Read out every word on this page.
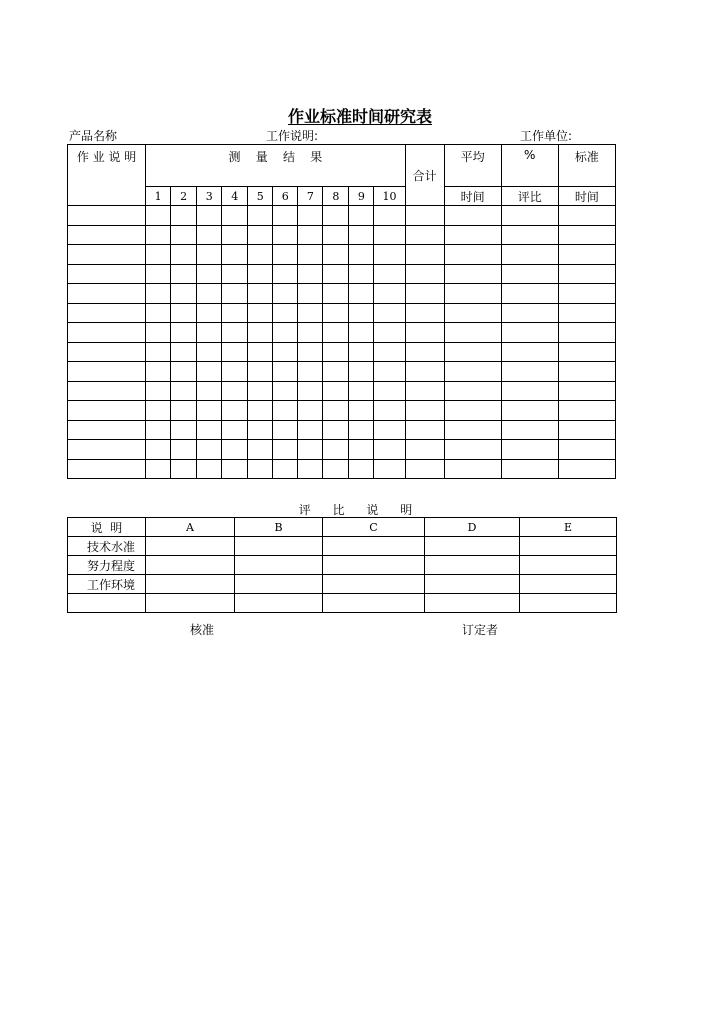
作业标准时间研究表
产品名称	工作说明:	工作单位:
作 业 说 明	测    量    结    果										合计	平均	%	标准
	1	2	3	4	5	6	7	8	9	10		时间	评比	时间

评 比 说 明
说  明	A	B	C	D	E
技术水准					
努力程度					
工作环境					

核准	订定者
